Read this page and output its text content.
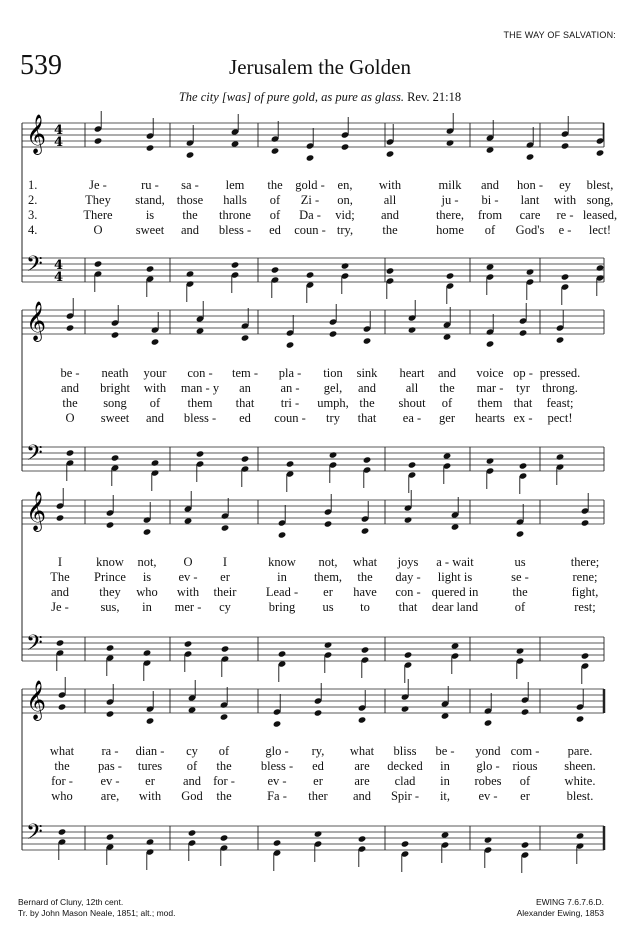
THE WAY OF SALVATION:
539	Jerusalem the Golden
The city [was] of pure gold, as pure as glass. Rev. 21:18
𝄞
𝄢
𝄞
𝄢
𝄞
𝄢
𝄞
𝄢
4
4
4
4
1.	Je -	ru - sa - lem the gold - en, with	milk and hon - ey blest,
2.	They stand, those halls of Zi - on, all	ju - bi - lant with song,
3.	There	is the throne of Da - vid; and	there, from care re - leased,
4.	O	sweet and bless - ed coun - try, the	home of God's e - lect!
be - neath your con - tem - pla - tion sink heart and voice op - pressed.
and bright with man - y an an - gel, and all the mar - tyr throng.
the song of them that tri - umph, the shout of them that feast;
O sweet and bless - ed coun - try that ea - ger hearts ex - pect!
I	know not, O I	know not, what joys a - wait	us	there;
The Prince is ev - er	in them, the day - light is	se -	rene;
and they who with their Lead - er have con - quered in	the	fight,
Je -	sus, in mer - cy	bring us to that dear land	of	rest;
what ra - dian - cy of	glo - ry, what bliss be - yond com - pare.
the pas - tures of the bless - ed are decked in glo - rious sheen.
for - ev - er and for -	ev - er	are clad in robes of	white.
who are, with God the	Fa - ther and Spir - it, ev - er	blest.
Bernard of Cluny, 12th cent.
Tr. by John Mason Neale, 1851; alt.; mod.
EWING 7.6.7.6.D.
Alexander Ewing, 1853
